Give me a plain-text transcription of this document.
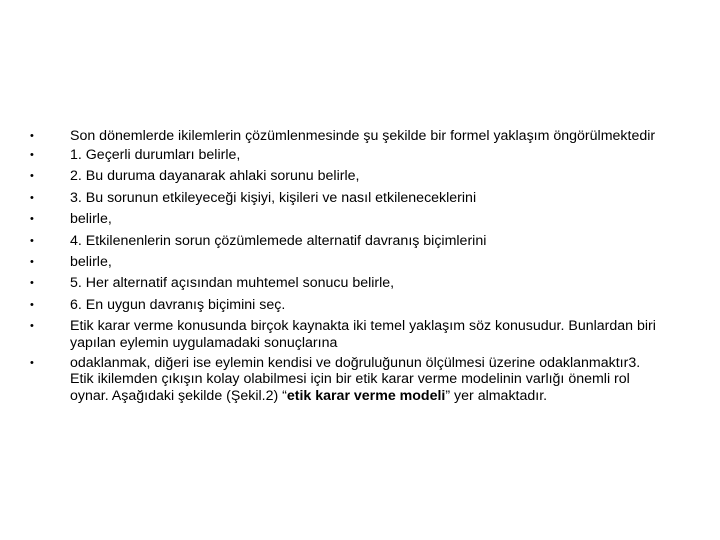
•	Son dönemlerde ikilemlerin çözümlenmesinde şu şekilde bir formel yaklaşım öngörülmektedir
•	1. Geçerli durumları belirle,
•	2. Bu duruma dayanarak ahlaki sorunu belirle,
•	3. Bu sorunun etkileyeceği kişiyi, kişileri ve nasıl etkileneceklerini
•	belirle,
•	4. Etkilenenlerin sorun çözümlemede alternatif davranış biçimlerini
•	belirle,
•	5. Her alternatif açısından muhtemel sonucu belirle,
•	6. En uygun davranış biçimini seç.
•	Etik karar verme konusunda birçok kaynakta iki temel yaklaşım söz konusudur. Bunlardan biri yapılan eylemin uygulamadaki sonuçlarına
•	odaklanmak, diğeri ise eylemin kendisi ve doğruluğunun ölçülmesi üzerine odaklanmaktır3. Etik ikilemden çıkışın kolay olabilmesi için bir etik karar verme modelinin varlığı önemli rol oynar. Aşağıdaki şekilde (Şekil.2) “etik karar verme modeli” yer almaktadır.
